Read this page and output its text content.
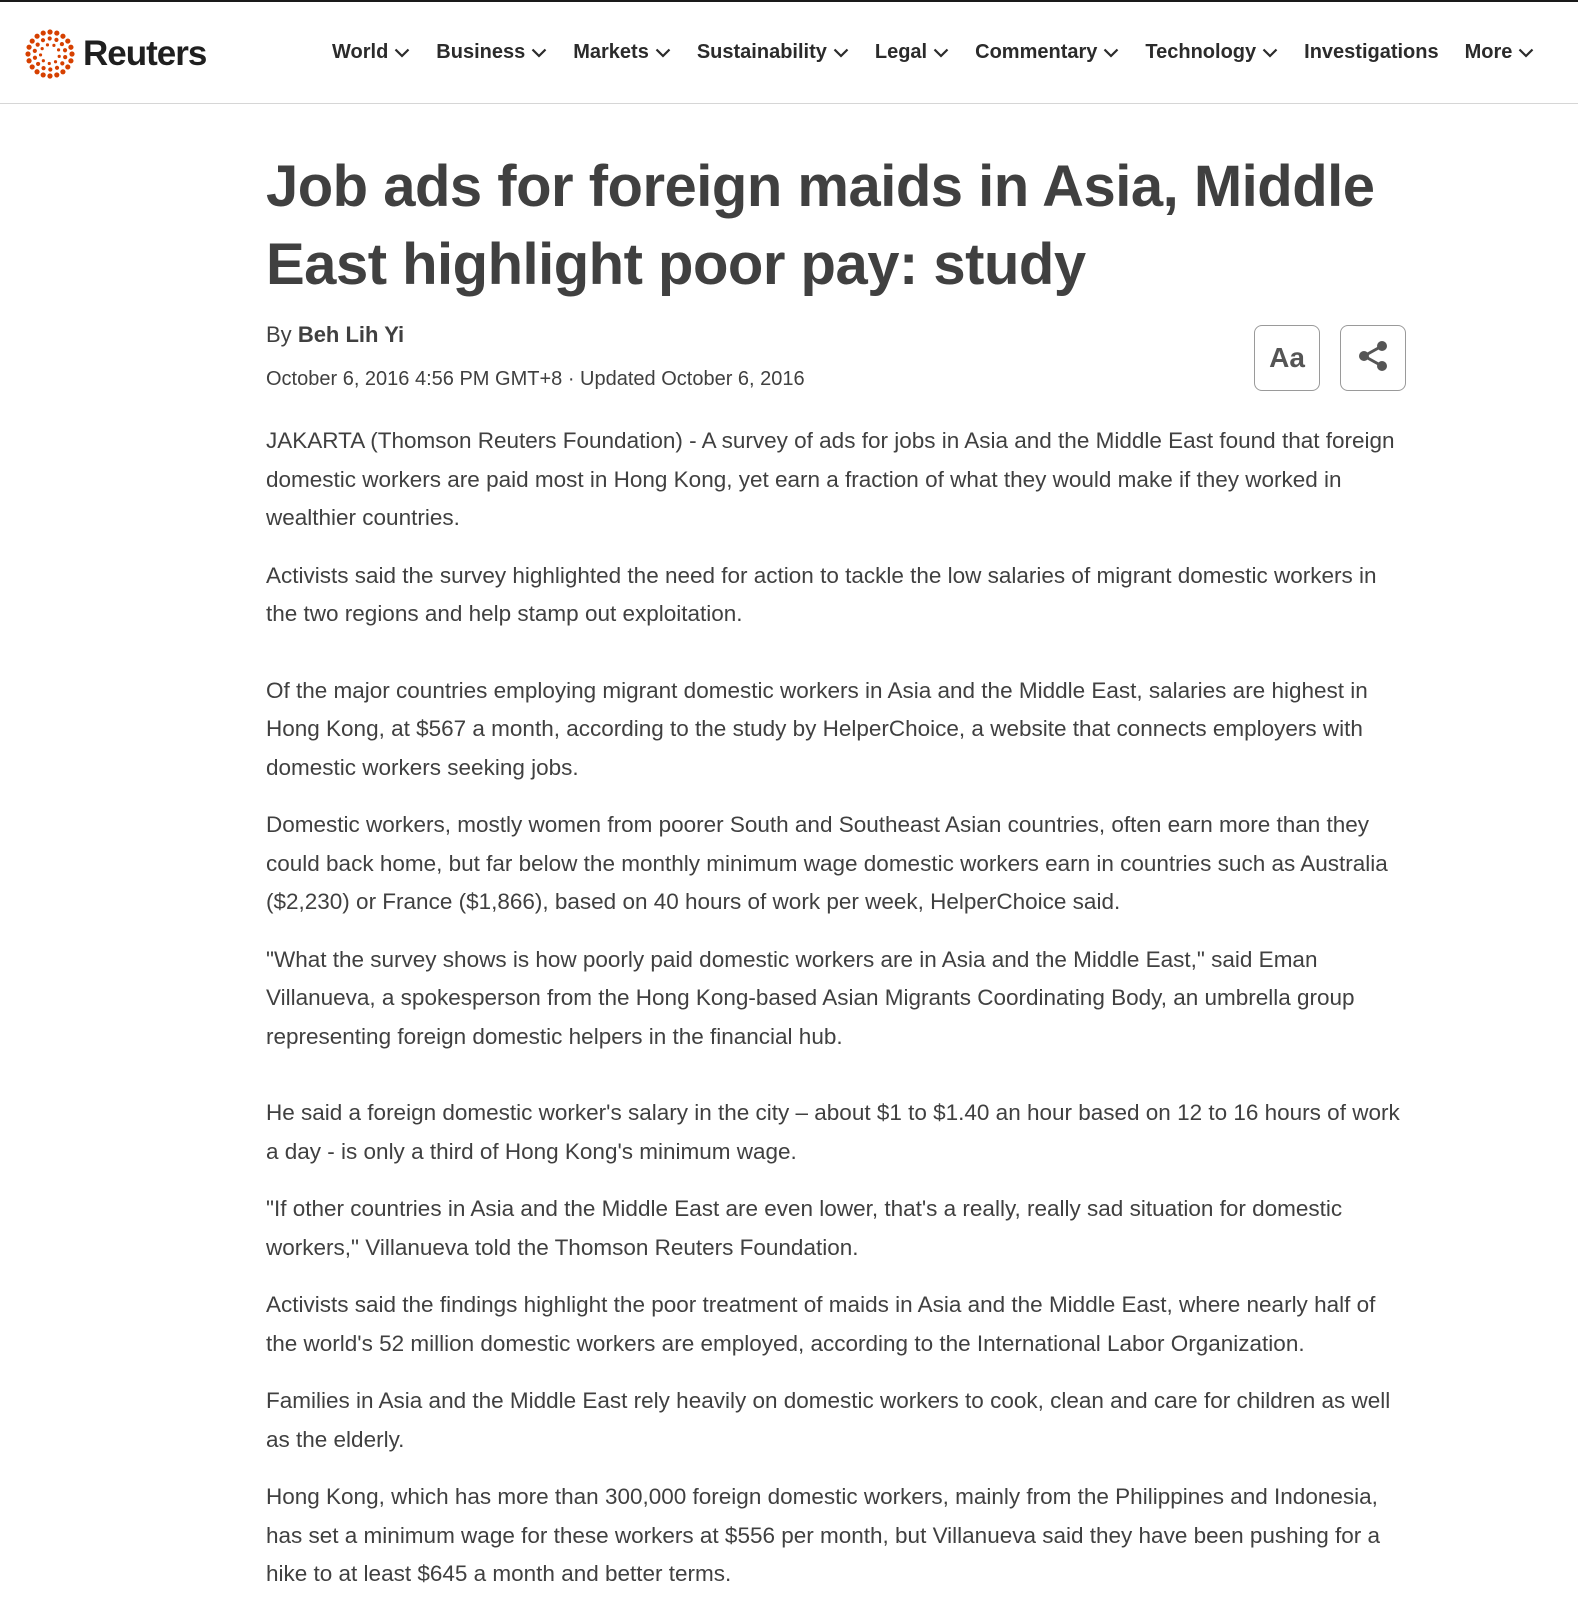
Reuters	World Business Markets Sustainability Legal Commentary Technology Investigations More
Job ads for foreign maids in Asia, Middle East highlight poor pay: study
By Beh Lih Yi
October 6, 2016 4:56 PM GMT+8 · Updated October 6, 2016
Aa

JAKARTA (Thomson Reuters Foundation) - A survey of ads for jobs in Asia and the Middle East found that foreign domestic workers are paid most in Hong Kong, yet earn a fraction of what they would make if they worked in wealthier countries.

Activists said the survey highlighted the need for action to tackle the low salaries of migrant domestic workers in the two regions and help stamp out exploitation.

Of the major countries employing migrant domestic workers in Asia and the Middle East, salaries are highest in Hong Kong, at $567 a month, according to the study by HelperChoice, a website that connects employers with domestic workers seeking jobs.

Domestic workers, mostly women from poorer South and Southeast Asian countries, often earn more than they could back home, but far below the monthly minimum wage domestic workers earn in countries such as Australia ($2,230) or France ($1,866), based on 40 hours of work per week, HelperChoice said.

"What the survey shows is how poorly paid domestic workers are in Asia and the Middle East," said Eman Villanueva, a spokesperson from the Hong Kong-based Asian Migrants Coordinating Body, an umbrella group representing foreign domestic helpers in the financial hub.

He said a foreign domestic worker's salary in the city – about $1 to $1.40 an hour based on 12 to 16 hours of work a day - is only a third of Hong Kong's minimum wage.

"If other countries in Asia and the Middle East are even lower, that's a really, really sad situation for domestic workers," Villanueva told the Thomson Reuters Foundation.

Activists said the findings highlight the poor treatment of maids in Asia and the Middle East, where nearly half of the world's 52 million domestic workers are employed, according to the International Labor Organization.

Families in Asia and the Middle East rely heavily on domestic workers to cook, clean and care for children as well as the elderly.

Hong Kong, which has more than 300,000 foreign domestic workers, mainly from the Philippines and Indonesia, has set a minimum wage for these workers at $556 per month, but Villanueva said they have been pushing for a hike to at least $645 a month and better terms.
